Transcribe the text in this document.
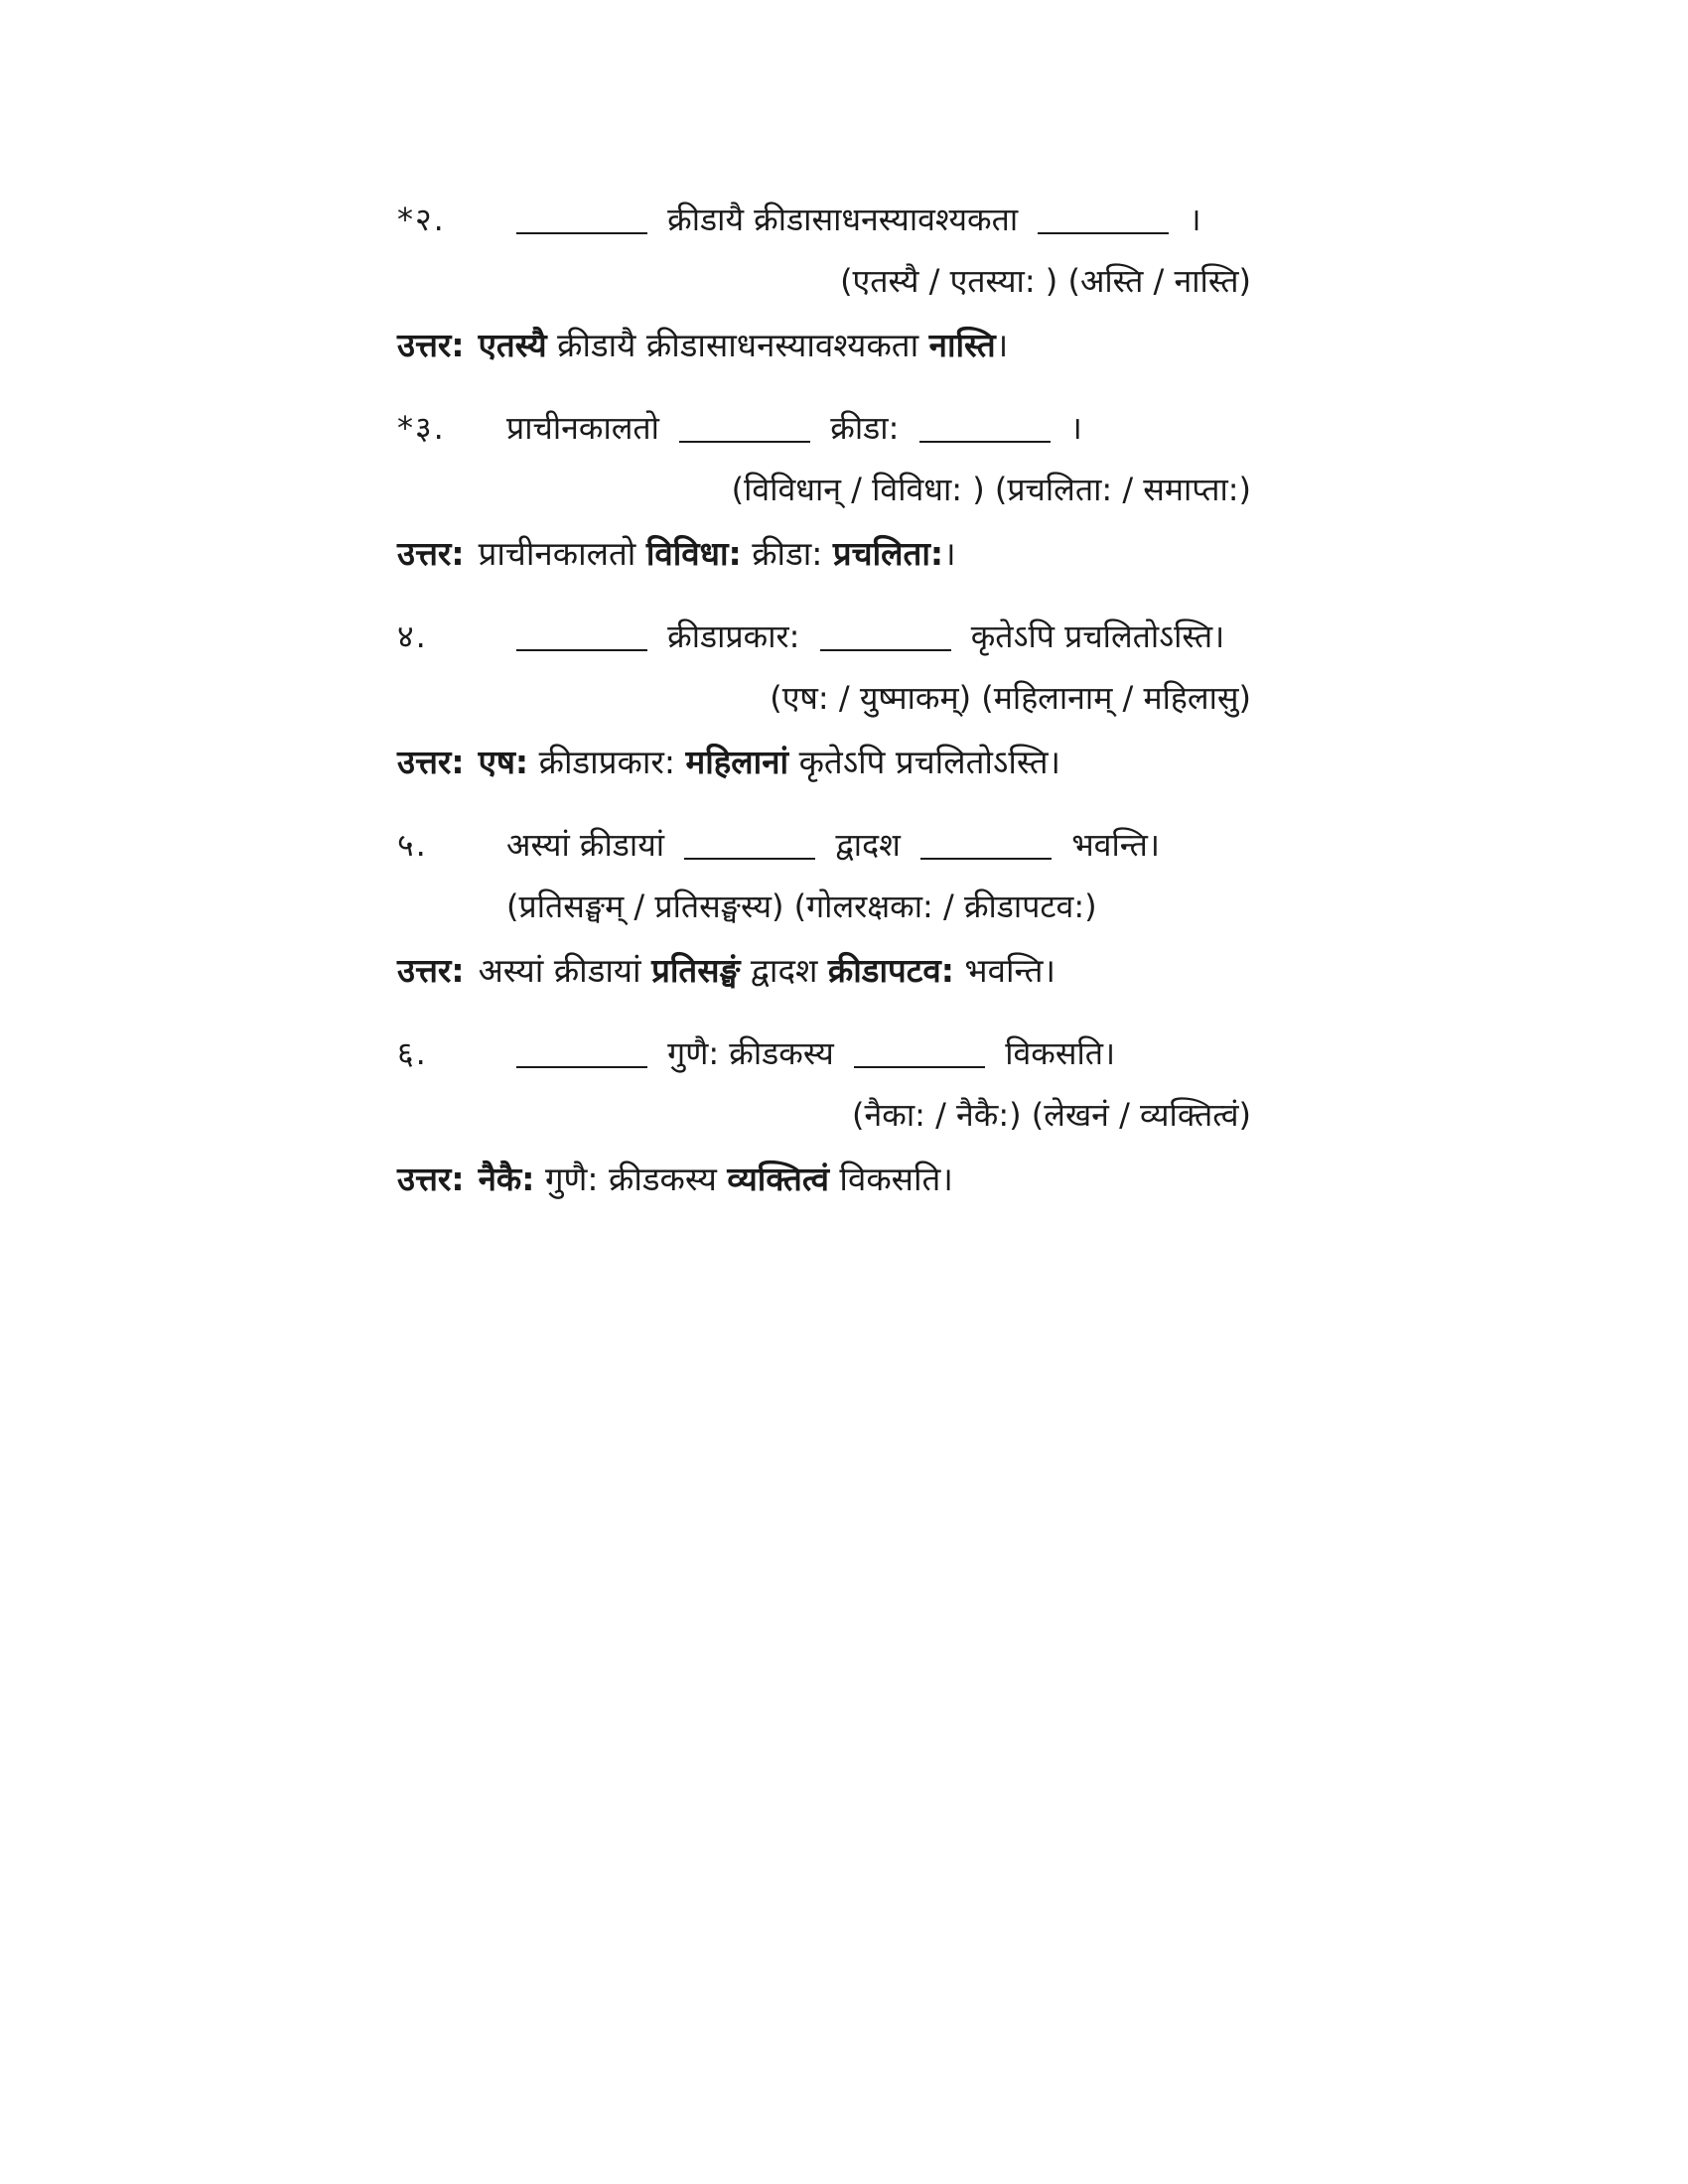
*२.	क्रीडायै क्रीडासाधनस्यावश्यकता	।
(एतस्यै / एतस्या: ) (अस्ति / नास्ति)
उत्तर: एतस्यै क्रीडायै क्रीडासाधनस्यावश्यकता नास्ति।
*३.	प्राचीनकालतो	क्रीडा:	।
(विविधान् / विविधा: ) (प्रचलिता: / समाप्ता:)
उत्तर: प्राचीनकालतो विविधा: क्रीडा: प्रचलिता:।
४.	क्रीडाप्रकार:	कृतेऽपि प्रचलितोऽस्ति।
(एष: / युष्माकम्) (महिलानाम् / महिलासु)
उत्तर: एष: क्रीडाप्रकार: महिलानां कृतेऽपि प्रचलितोऽस्ति।
५.	अस्यां क्रीडायां	द्वादश	भवन्ति।
(प्रतिसङ्घम् / प्रतिसङ्घस्य) (गोलरक्षका: / क्रीडापटव:)
उत्तर: अस्यां क्रीडायां प्रतिसङ्घं द्वादश क्रीडापटव: भवन्ति।
६.	गुणै: क्रीडकस्य	विकसति।
(नैका: / नैकै:) (लेखनं / व्यक्तित्वं)
उत्तर: नैकै: गुणै: क्रीडकस्य व्यक्तित्वं विकसति।
